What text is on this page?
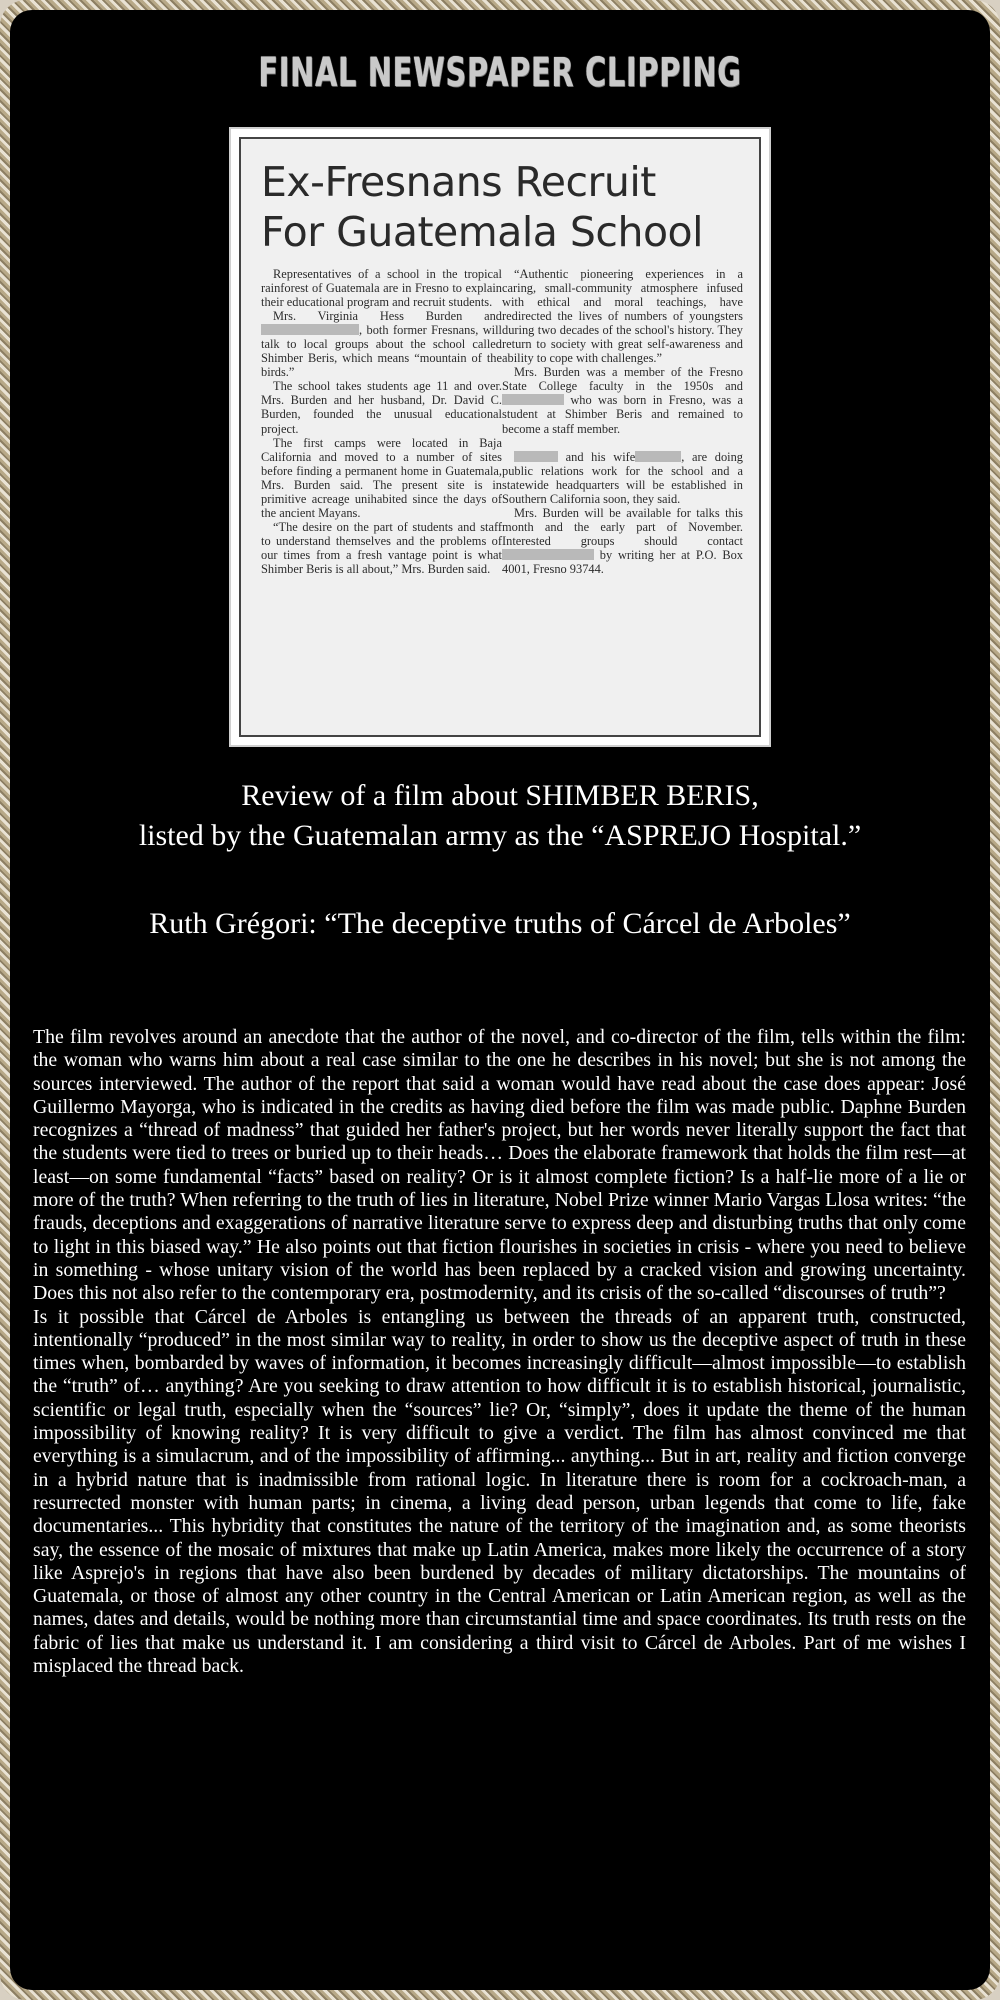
FINAL NEWSPAPER CLIPPING
Ex-Fresnans Recruit
For Guatemala School

Representatives of a school in the tropical rainforest of Guatemala are in Fresno to explain their educational program and recruit students.

Mrs. Virginia Hess Burden and , both former Fresnans, will talk to local groups about the school called Shimber Beris, which means “mountain of the birds.”

The school takes students age 11 and over. Mrs. Burden and her husband, Dr. David C. Burden, founded the unusual educational project.

The first camps were located in Baja California and moved to a number of sites before finding a permanent home in Guatemala, Mrs. Burden said. The present site is in primitive acreage unihabited since the days of the ancient Mayans.

“The desire on the part of students and staff to understand themselves and the problems of our times from a fresh vantage point is what Shimber Beris is all about,” Mrs. Burden said.

“Authentic pioneering experiences in a caring, small-community atmosphere infused with ethical and moral teachings, have redirected the lives of numbers of youngsters during two decades of the school's history. They return to society with great self-awareness and ability to cope with challenges.”

Mrs. Burden was a member of the Fresno State College faculty in the 1950s and  who was born in Fresno, was a student at Shimber Beris and remained to become a staff member.

and his wife	, are doing public relations work for the school and a statewide headquarters will be established in Southern California soon, they said.

Mrs. Burden will be available for talks this month and the early part of November. Interested groups should contact  by writing her at P.O. Box 4001, Fresno 93744.

Review of a film about SHIMBER BERIS,
listed by the Guatemalan army as the “ASPREJO Hospital.”
Ruth Grégori: “The deceptive truths of Cárcel de Arboles”

The film revolves around an anecdote that the author of the novel, and co-director of the film, tells within the film: the woman who warns him about a real case similar to the one he describes in his novel; but she is not among the sources interviewed. The author of the report that said a woman would have read about the case does appear: José Guillermo Mayorga, who is indicated in the credits as having died before the film was made public. Daphne Burden recognizes a “thread of madness” that guided her father's project, but her words never literally support the fact that the students were tied to trees or buried up to their heads… Does the elaborate framework that holds the film rest—at least—on some fundamental “facts” based on reality? Or is it almost complete fiction? Is a half-lie more of a lie or more of the truth? When referring to the truth of lies in literature, Nobel Prize winner Mario Vargas Llosa writes: “the frauds, deceptions and exaggerations of narrative literature serve to express deep and disturbing truths that only come to light in this biased way.” He also points out that fiction flourishes in societies in crisis - where you need to believe in something - whose unitary vision of the world has been replaced by a cracked vision and growing uncertainty. Does this not also refer to the contemporary era, postmodernity, and its crisis of the so-called “discourses of truth”?

Is it possible that Cárcel de Arboles is entangling us between the threads of an apparent truth, constructed, intentionally “produced” in the most similar way to reality, in order to show us the deceptive aspect of truth in these times when, bombarded by waves of information, it becomes increasingly difficult—almost impossible—to establish the “truth” of… anything? Are you seeking to draw attention to how difficult it is to establish historical, journalistic, scientific or legal truth, especially when the “sources” lie? Or, “simply”, does it update the theme of the human impossibility of knowing reality? It is very difficult to give a verdict. The film has almost convinced me that everything is a simulacrum, and of the impossibility of affirming... anything... But in art, reality and fiction converge in a hybrid nature that is inadmissible from rational logic. In literature there is room for a cockroach-man, a resurrected monster with human parts; in cinema, a living dead person, urban legends that come to life, fake documentaries... This hybridity that constitutes the nature of the territory of the imagination and, as some theorists say, the essence of the mosaic of mixtures that make up Latin America, makes more likely the occurrence of a story like Asprejo's in regions that have also been burdened by decades of military dictatorships. The mountains of Guatemala, or those of almost any other country in the Central American or Latin American region, as well as the names, dates and details, would be nothing more than circumstantial time and space coordinates. Its truth rests on the fabric of lies that make us understand it. I am considering a third visit to Cárcel de Arboles. Part of me wishes I misplaced the thread back.
